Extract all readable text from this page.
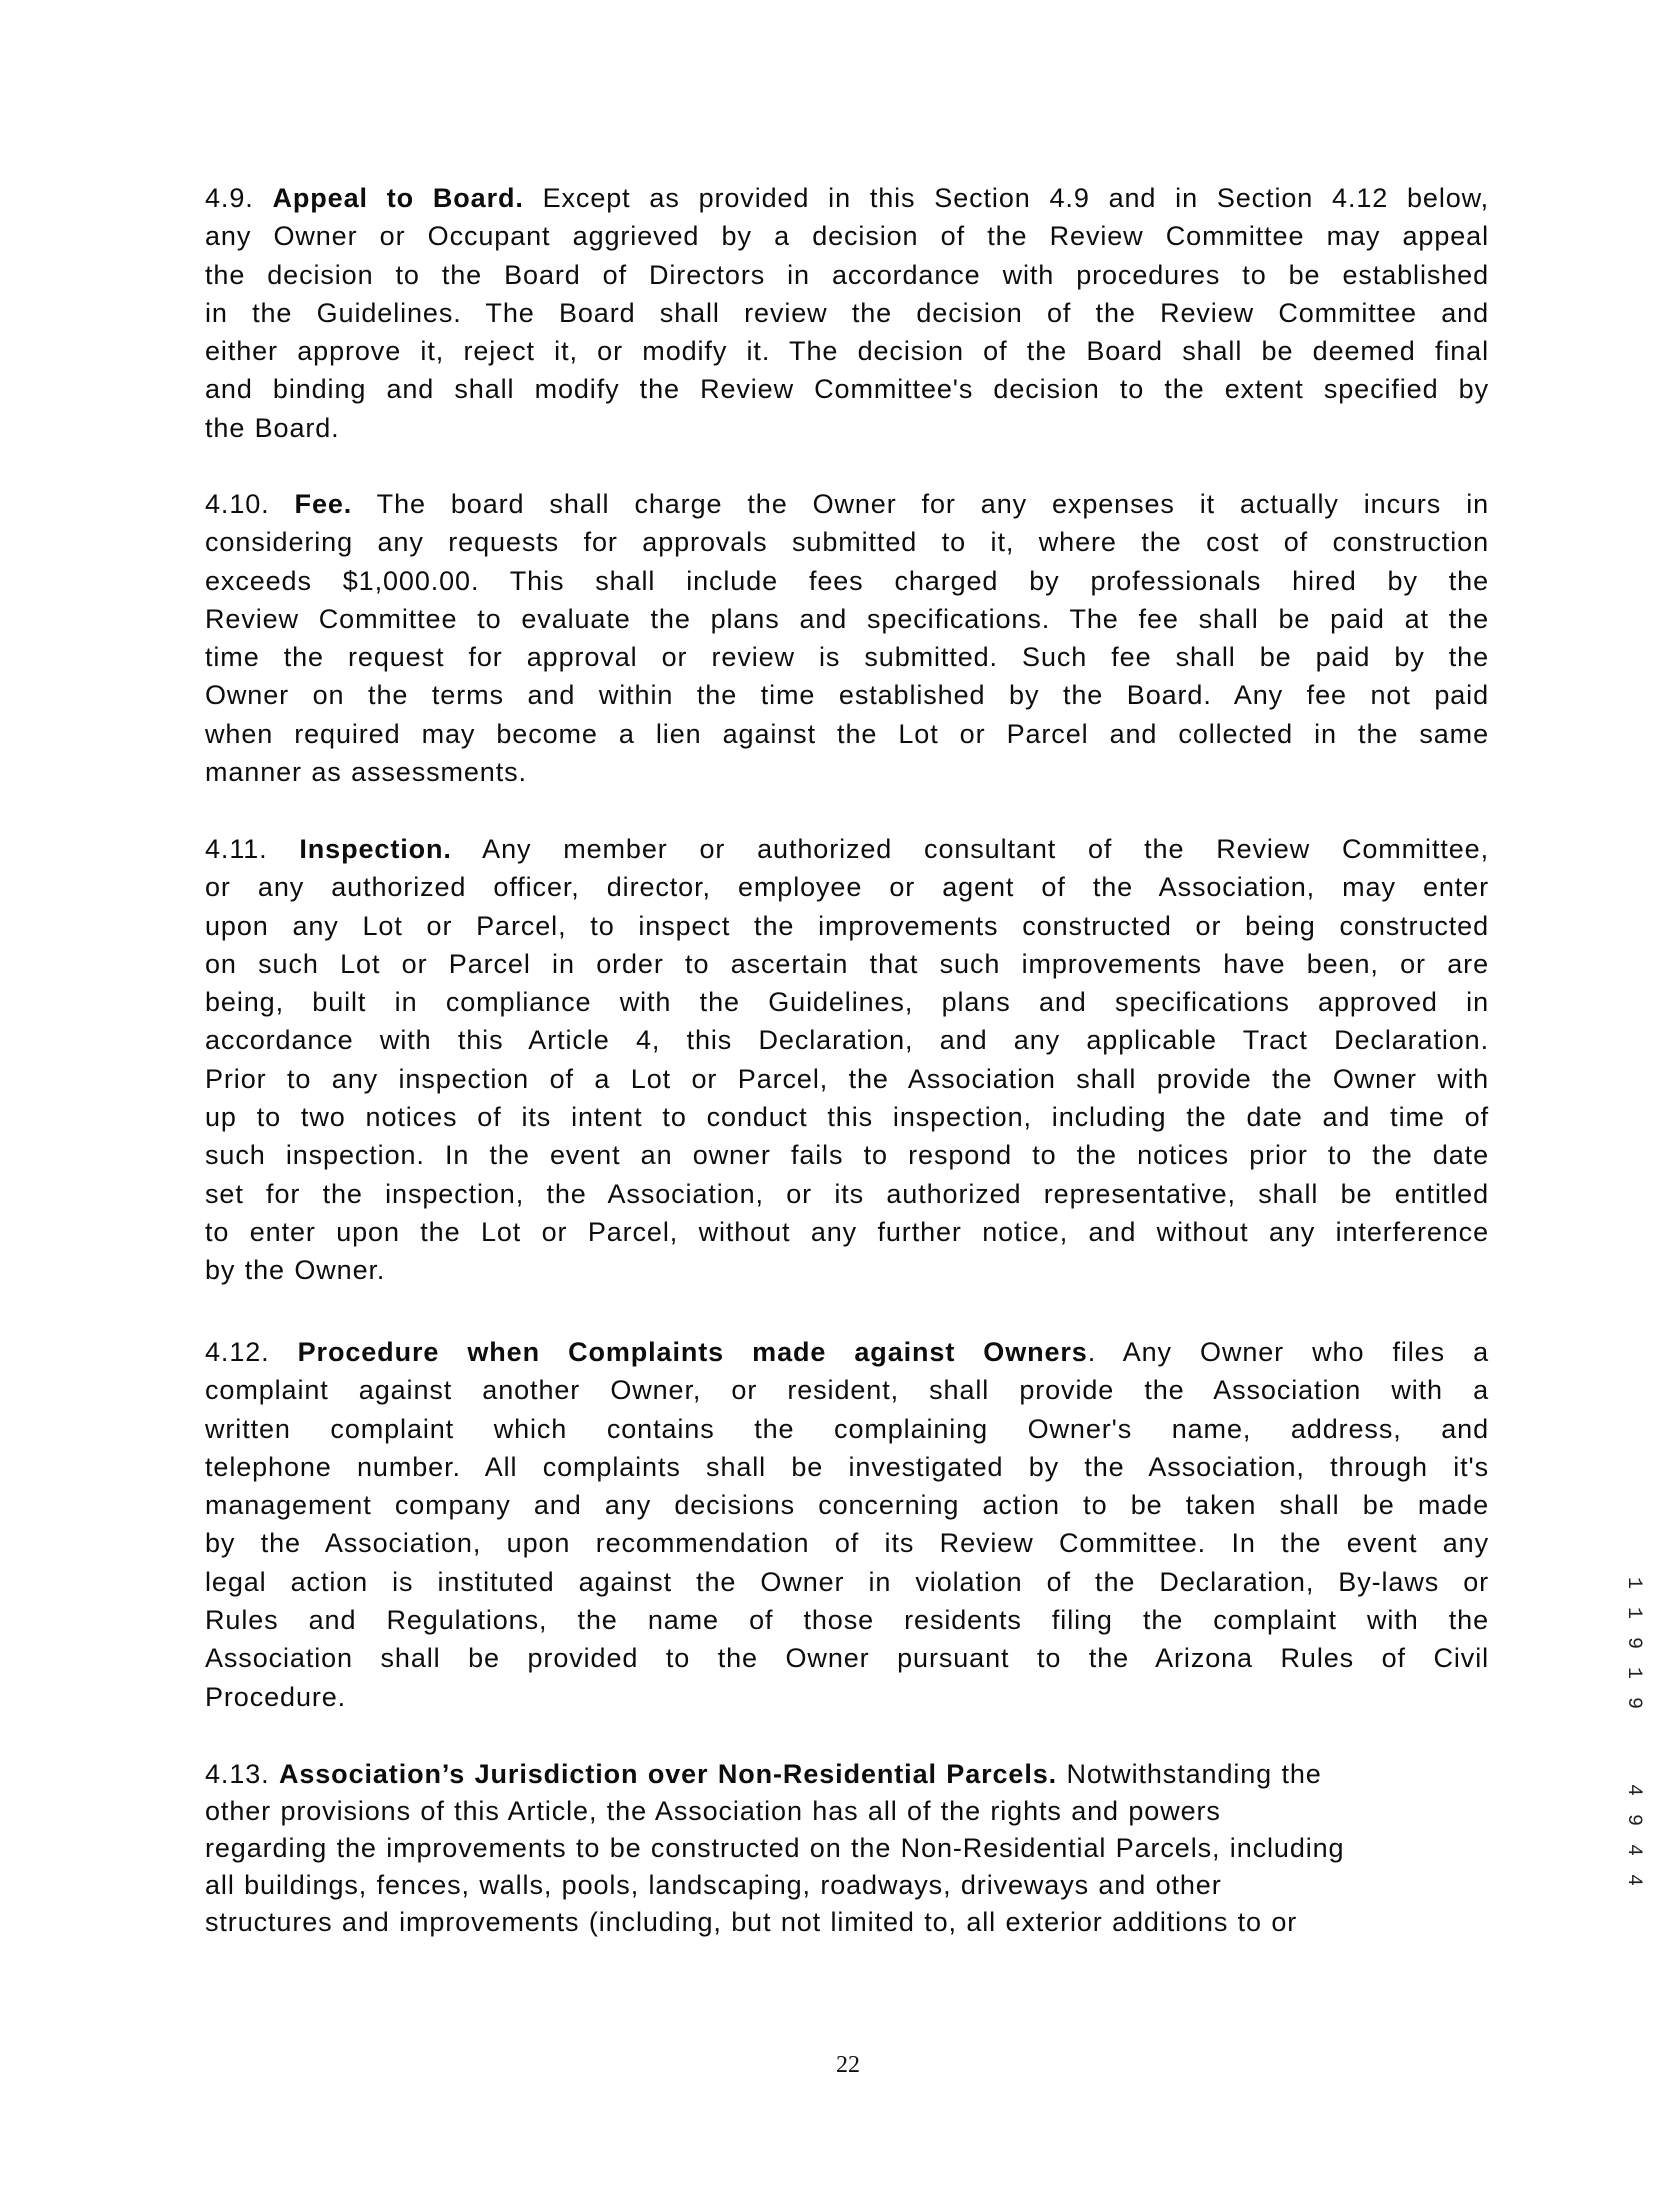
4.9. Appeal to Board. Except as provided in this Section 4.9 and in Section 4.12 below,
any Owner or Occupant aggrieved by a decision of the Review Committee may appeal
the decision to the Board of Directors in accordance with procedures to be established
in the Guidelines. The Board shall review the decision of the Review Committee and
either approve it, reject it, or modify it. The decision of the Board shall be deemed final
and binding and shall modify the Review Committee's decision to the extent specified by
the Board.
4.10. Fee. The board shall charge the Owner for any expenses it actually incurs in
considering any requests for approvals submitted to it, where the cost of construction
exceeds $1,000.00. This shall include fees charged by professionals hired by the
Review Committee to evaluate the plans and specifications. The fee shall be paid at the
time the request for approval or review is submitted. Such fee shall be paid by the
Owner on the terms and within the time established by the Board. Any fee not paid
when required may become a lien against the Lot or Parcel and collected in the same
manner as assessments.
4.11. Inspection. Any member or authorized consultant of the Review Committee,
or any authorized officer, director, employee or agent of the Association, may enter
upon any Lot or Parcel, to inspect the improvements constructed or being constructed
on such Lot or Parcel in order to ascertain that such improvements have been, or are
being, built in compliance with the Guidelines, plans and specifications approved in
accordance with this Article 4, this Declaration, and any applicable Tract Declaration.
Prior to any inspection of a Lot or Parcel, the Association shall provide the Owner with
up to two notices of its intent to conduct this inspection, including the date and time of
such inspection. In the event an owner fails to respond to the notices prior to the date
set for the inspection, the Association, or its authorized representative, shall be entitled
to enter upon the Lot or Parcel, without any further notice, and without any interference
by the Owner.
4.12. Procedure when Complaints made against Owners. Any Owner who files a
complaint against another Owner, or resident, shall provide the Association with a
written complaint which contains the complaining Owner's name, address, and
telephone number. All complaints shall be investigated by the Association, through it's
management company and any decisions concerning action to be taken shall be made
by the Association, upon recommendation of its Review Committee. In the event any
legal action is instituted against the Owner in violation of the Declaration, By-laws or
Rules and Regulations, the name of those residents filing the complaint with the
Association shall be provided to the Owner pursuant to the Arizona Rules of Civil
Procedure.
4.13. Association’s Jurisdiction over Non-Residential Parcels. Notwithstanding the
other provisions of this Article, the Association has all of the rights and powers
regarding the improvements to be constructed on the Non-Residential Parcels, including
all buildings, fences, walls, pools, landscaping, roadways, driveways and other
structures and improvements (including, but not limited to, all exterior additions to or
1
1
9
1
9
4
9
4
4
22
